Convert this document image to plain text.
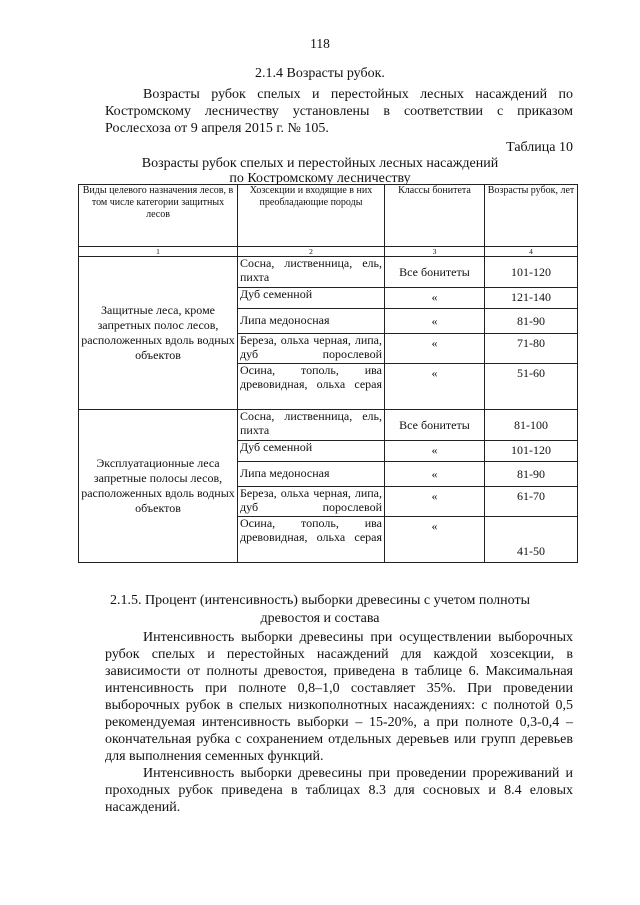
118
2.1.4 Возрасты рубок.

Возрасты рубок спелых и перестойных лесных насаждений по Костромскому лесничеству установлены в соответствии с приказом Рослесхоза от 9 апреля 2015 г. № 105.

Таблица 10
Возрасты рубок спелых и перестойных лесных насаждений
по Костромскому лесничеству
Виды целевого назначения лесов, в том числе категории защитных лесов	Хозсекции и входящие в них преобладающие породы	Классы бонитета	Возрасты рубок, лет
1	2	3	4
Защитные леса, кроме запретных полос лесов, расположенных вдоль водных объектов	Сосна, лиственница, ель, пихта	Все бонитеты	101-120
	Дуб семенной	«	121-140
	Липа медоносная	«	81-90
	Береза, ольха черная, липа, дуб порослевой	«	71-80
	Осина, тополь, ива древовидная, ольха серая	«	51-60
Эксплуатационные леса запретные полосы лесов, расположенных вдоль водных объектов	Сосна, лиственница, ель, пихта	Все бонитеты	81-100
	Дуб семенной	«	101-120
	Липа медоносная	«	81-90
	Береза, ольха черная, липа, дуб порослевой	«	61-70
	Осина, тополь, ива древовидная, ольха серая	«	41-50
2.1.5. Процент (интенсивность) выборки древесины с учетом полноты
древостоя и состава

Интенсивность выборки древесины при осуществлении выборочных рубок спелых и перестойных насаждений для каждой хозсекции, в зависимости от полноты древостоя, приведена в таблице 6. Максимальная интенсивность при полноте 0,8–1,0 составляет 35%. При проведении выборочных рубок в спелых низкополнотных насаждениях: с полнотой 0,5 рекомендуемая интенсивность выборки – 15-20%, а при полноте 0,3-0,4 – окончательная рубка с сохранением отдельных деревьев или групп деревьев для выполнения семенных функций.

Интенсивность выборки древесины при проведении прореживаний и проходных рубок приведена в таблицах 8.3 для сосновых и 8.4 еловых насаждений.
